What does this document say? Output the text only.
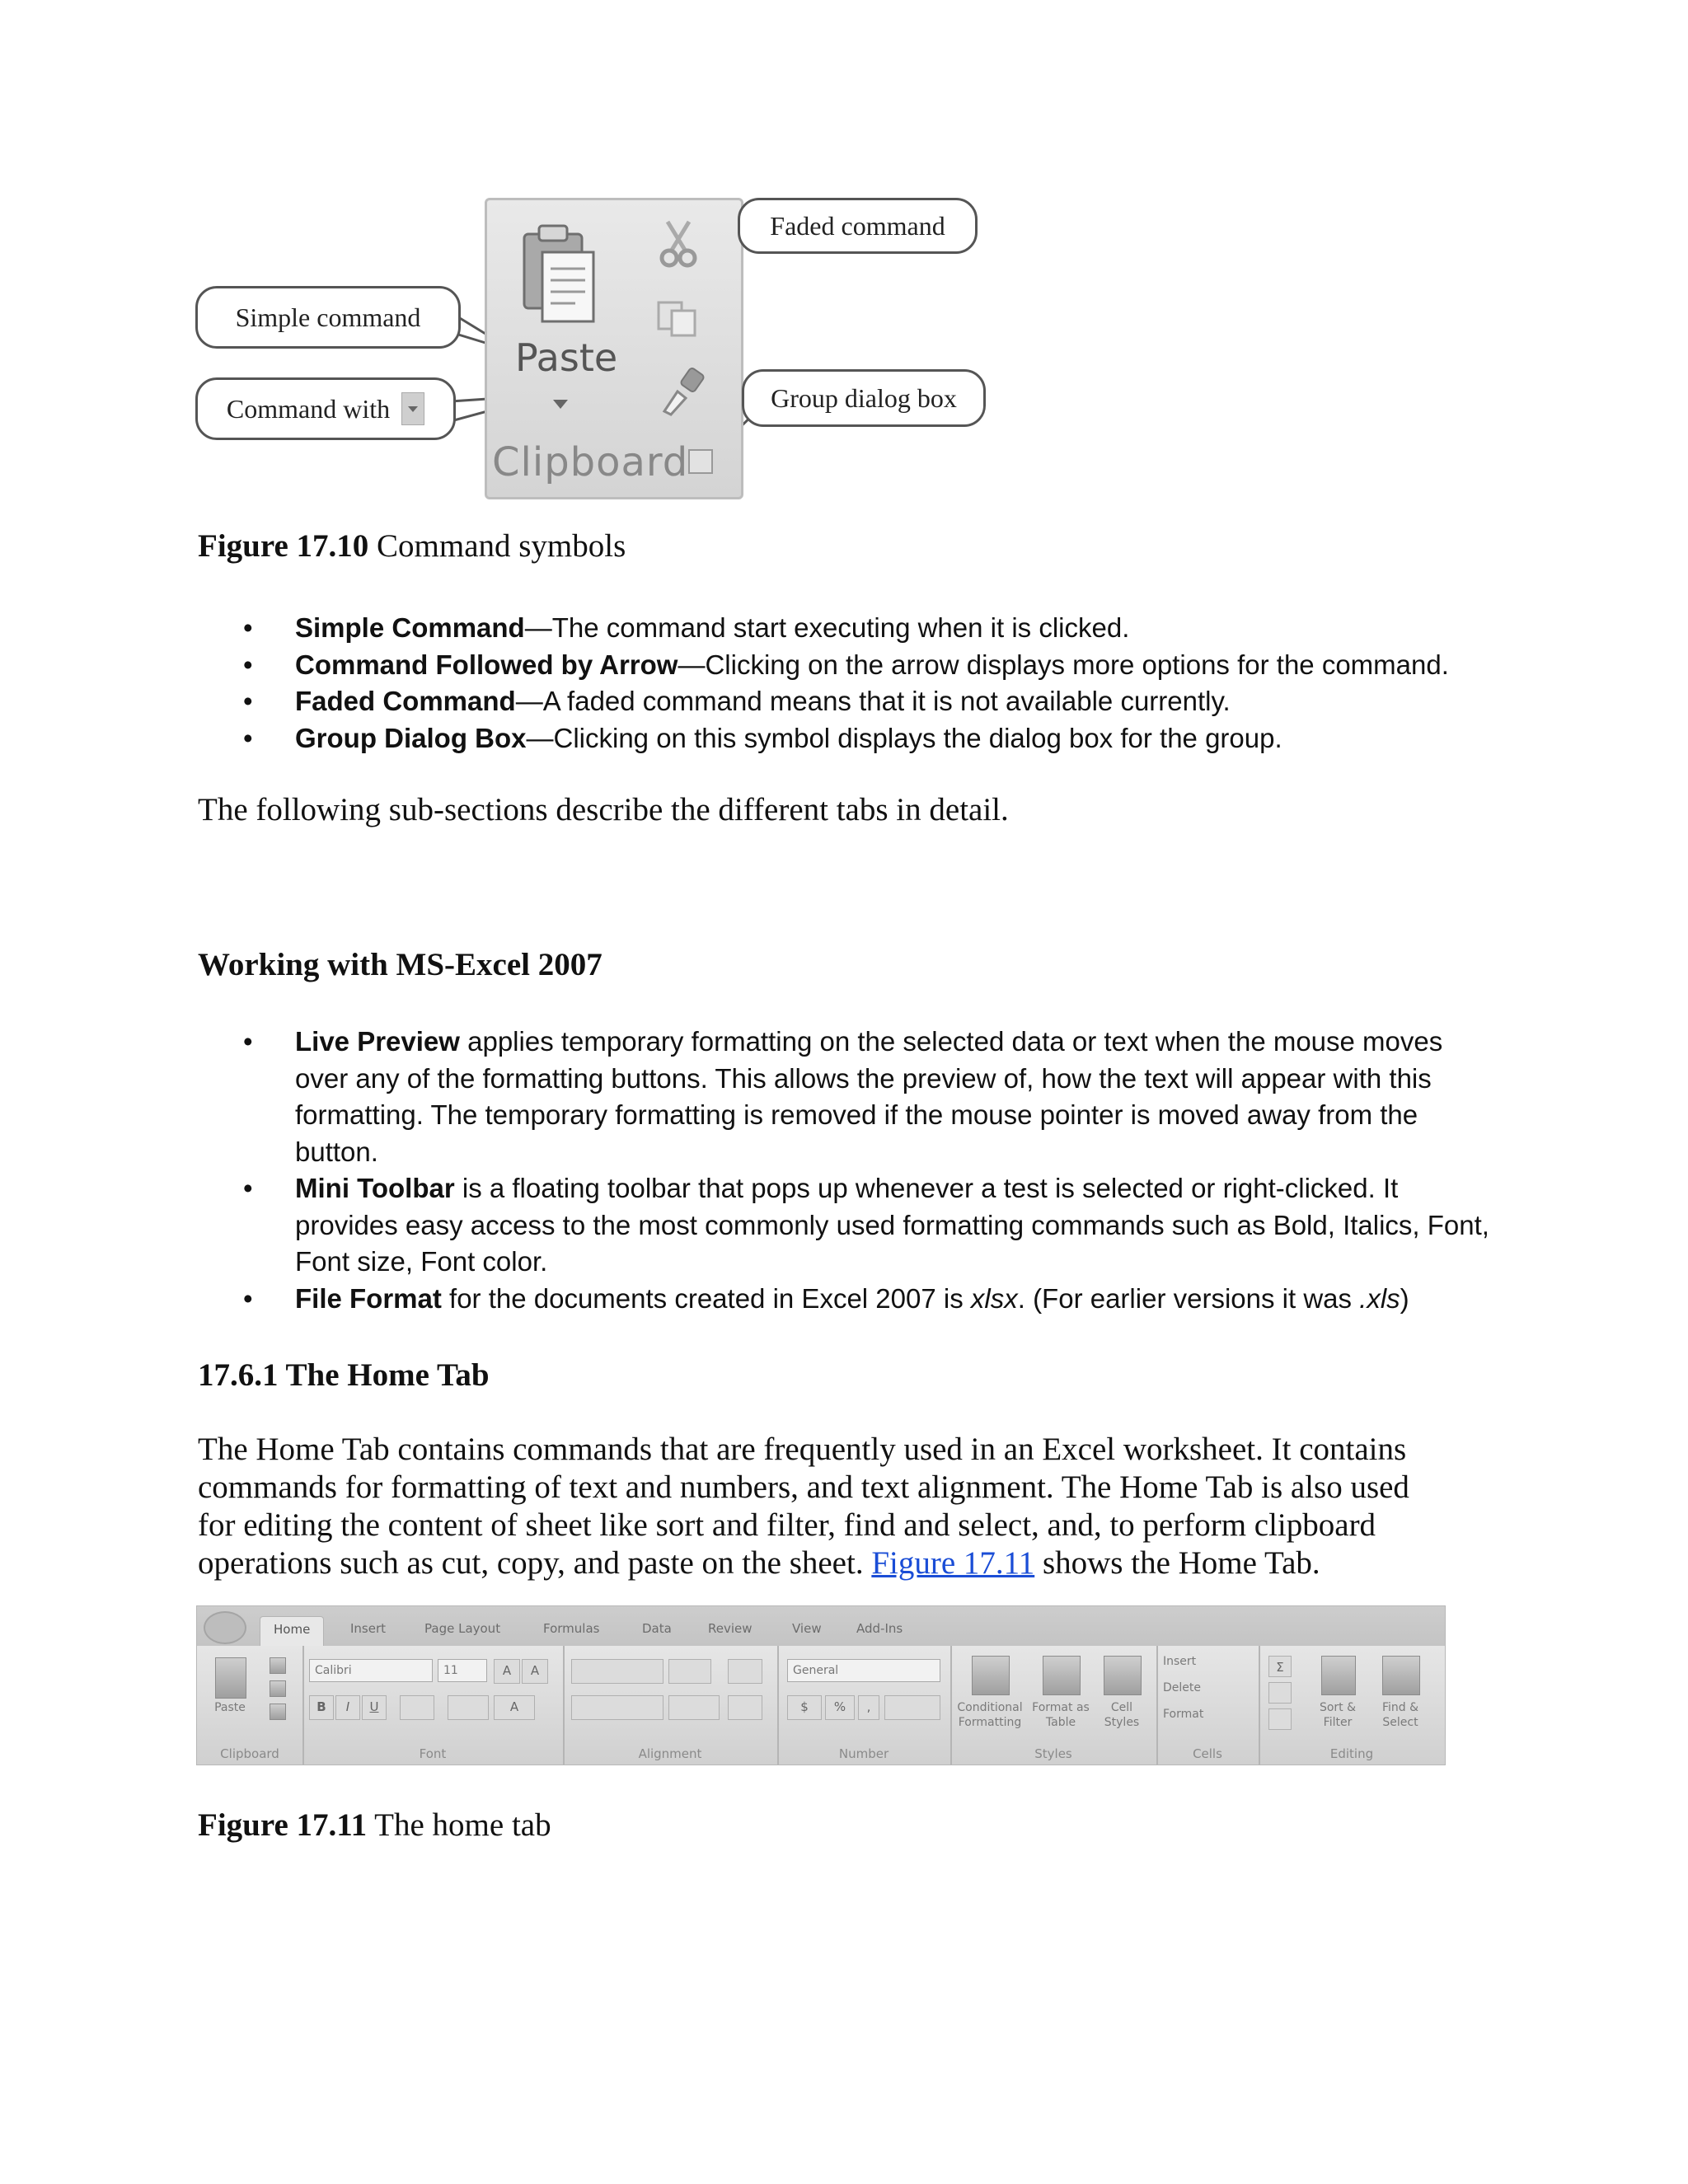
Paste
Clipboard
Simple command
Command with
Faded command
Group dialog box
Figure 17.10 Command symbols
• Simple Command—The command start executing when it is clicked.
• Command Followed by Arrow—Clicking on the arrow displays more options for the command.
• Faded Command—A faded command means that it is not available currently.
• Group Dialog Box—Clicking on this symbol displays the dialog box for the group.
The following sub-sections describe the different tabs in detail.
Working with MS-Excel 2007
• Live Preview applies temporary formatting on the selected data or text when the mouse moves over any of the formatting buttons. This allows the preview of, how the text will appear with this formatting. The temporary formatting is removed if the mouse pointer is moved away from the button.
• Mini Toolbar is a floating toolbar that pops up whenever a test is selected or right-clicked. It provides easy access to the most commonly used formatting commands such as Bold, Italics, Font, Font size, Font color.
• File Format for the documents created in Excel 2007 is xlsx. (For earlier versions it was .xls)
17.6.1 The Home Tab
The Home Tab contains commands that are frequently used in an Excel worksheet. It contains commands for formatting of text and numbers, and text alignment. The Home Tab is also used for editing the content of sheet like sort and filter, find and select, and, to perform clipboard operations such as cut, copy, and paste on the sheet. Figure 17.11 shows the Home Tab.
Home	Insert	Page Layout	Formulas	Data	Review	View	Add-Ins
Paste
Clipboard
Calibri	11	A	A
B	I	U	A
Font	Alignment
General
$	%	,
Number
Conditional Formatting
Format as Table
Cell Styles
Styles
Insert
Delete
Format
Cells
Σ
Sort & Filter
Find & Select
Editing
Figure 17.11 The home tab
